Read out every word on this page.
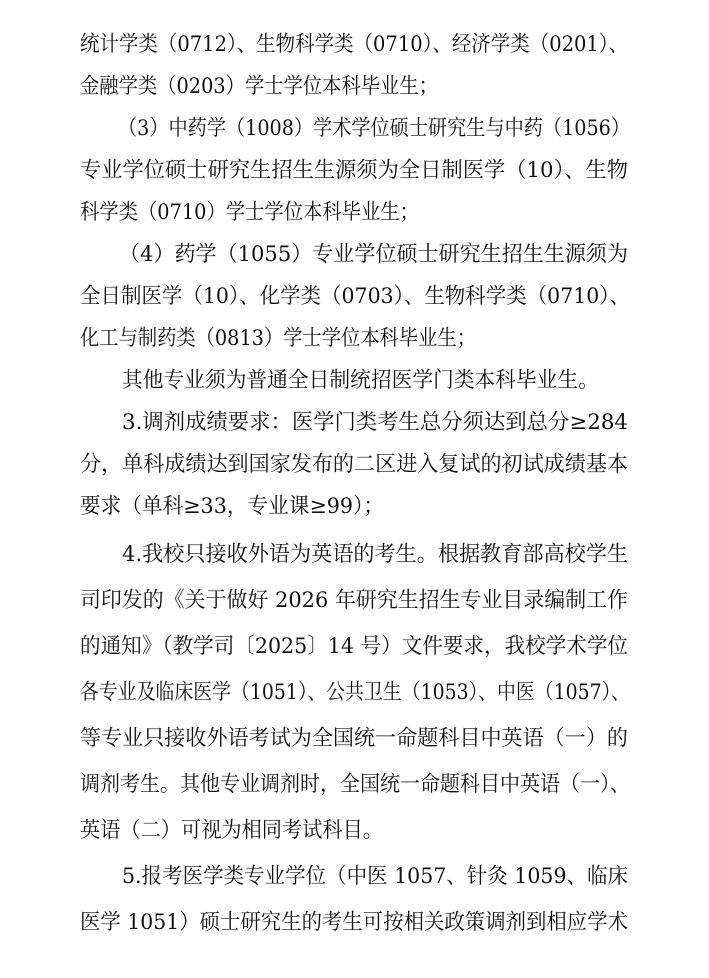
统计学类（0712）、生物科学类（0710）、经济学类（0201）、
金融学类（0203）学士学位本科毕业生；
（3）中药学（1008）学术学位硕士研究生与中药（1056）
专业学位硕士研究生招生生源须为全日制医学（10）、生物
科学类（0710）学士学位本科毕业生；
（4）药学（1055）专业学位硕士研究生招生生源须为
全日制医学（10）、化学类（0703）、生物科学类（0710）、
化工与制药类（0813）学士学位本科毕业生；
其他专业须为普通全日制统招医学门类本科毕业生。
3.调剂成绩要求：医学门类考生总分须达到总分≥284
分，单科成绩达到国家发布的二区进入复试的初试成绩基本
要求（单科≥33，专业课≥99）；
4.我校只接收外语为英语的考生。根据教育部高校学生
司印发的《关于做好 2026 年研究生招生专业目录编制工作
的通知》（教学司〔2025〕14 号）文件要求，我校学术学位
各专业及临床医学（1051）、公共卫生（1053）、中医（1057）、
等专业只接收外语考试为全国统一命题科目中英语（一）的
调剂考生。其他专业调剂时，全国统一命题科目中英语（一）、
英语（二）可视为相同考试科目。
5.报考医学类专业学位（中医 1057、针灸 1059、临床
医学 1051）硕士研究生的考生可按相关政策调剂到相应学术
